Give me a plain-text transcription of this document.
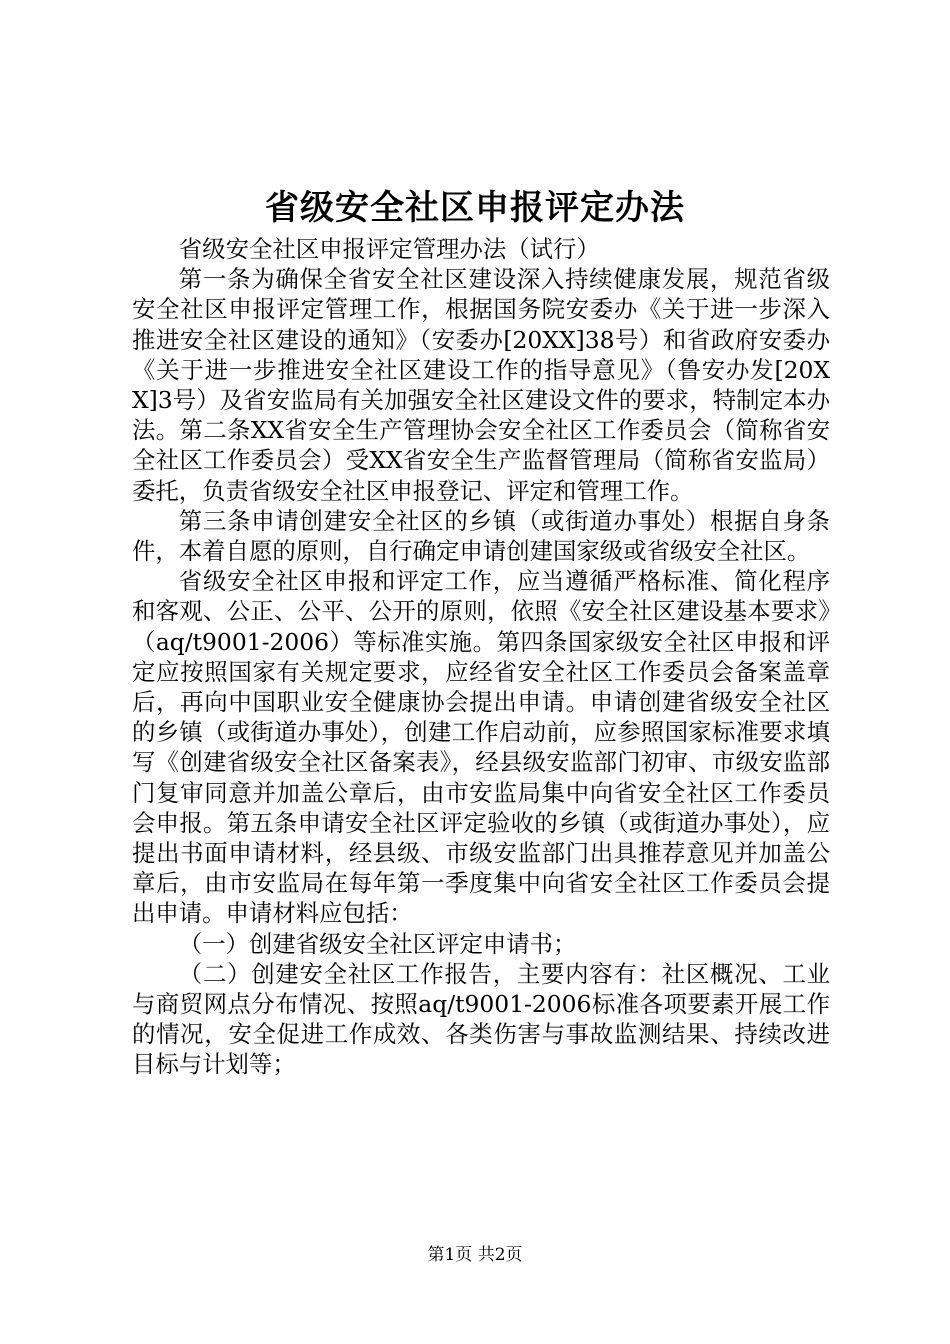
省级安全社区申报评定办法

省级安全社区申报评定管理办法（试行）

第一条为确保全省安全社区建设深入持续健康发展，规范省级安全社区申报评定管理工作，根据国务院安委办《关于进一步深入推进安全社区建设的通知》（安委办[20XX]38号）和省政府安委办《关于进一步推进安全社区建设工作的指导意见》（鲁安办发[20XX]3号）及省安监局有关加强安全社区建设文件的要求，特制定本办法。第二条XX省安全生产管理协会安全社区工作委员会（简称省安全社区工作委员会）受XX省安全生产监督管理局（简称省安监局）委托，负责省级安全社区申报登记、评定和管理工作。

第三条申请创建安全社区的乡镇（或街道办事处）根据自身条件，本着自愿的原则，自行确定申请创建国家级或省级安全社区。

省级安全社区申报和评定工作，应当遵循严格标准、简化程序和客观、公正、公平、公开的原则，依照《安全社区建设基本要求》（aq/t9001-2006）等标准实施。第四条国家级安全社区申报和评定应按照国家有关规定要求，应经省安全社区工作委员会备案盖章后，再向中国职业安全健康协会提出申请。申请创建省级安全社区的乡镇（或街道办事处），创建工作启动前，应参照国家标准要求填写《创建省级安全社区备案表》，经县级安监部门初审、市级安监部门复审同意并加盖公章后，由市安监局集中向省安全社区工作委员会申报。第五条申请安全社区评定验收的乡镇（或街道办事处），应提出书面申请材料，经县级、市级安监部门出具推荐意见并加盖公章后，由市安监局在每年第一季度集中向省安全社区工作委员会提出申请。申请材料应包括：

（一）创建省级安全社区评定申请书；

（二）创建安全社区工作报告，主要内容有：社区概况、工业与商贸网点分布情况、按照aq/t9001-2006标准各项要素开展工作的情况，安全促进工作成效、各类伤害与事故监测结果、持续改进目标与计划等；

第1页 共2页
